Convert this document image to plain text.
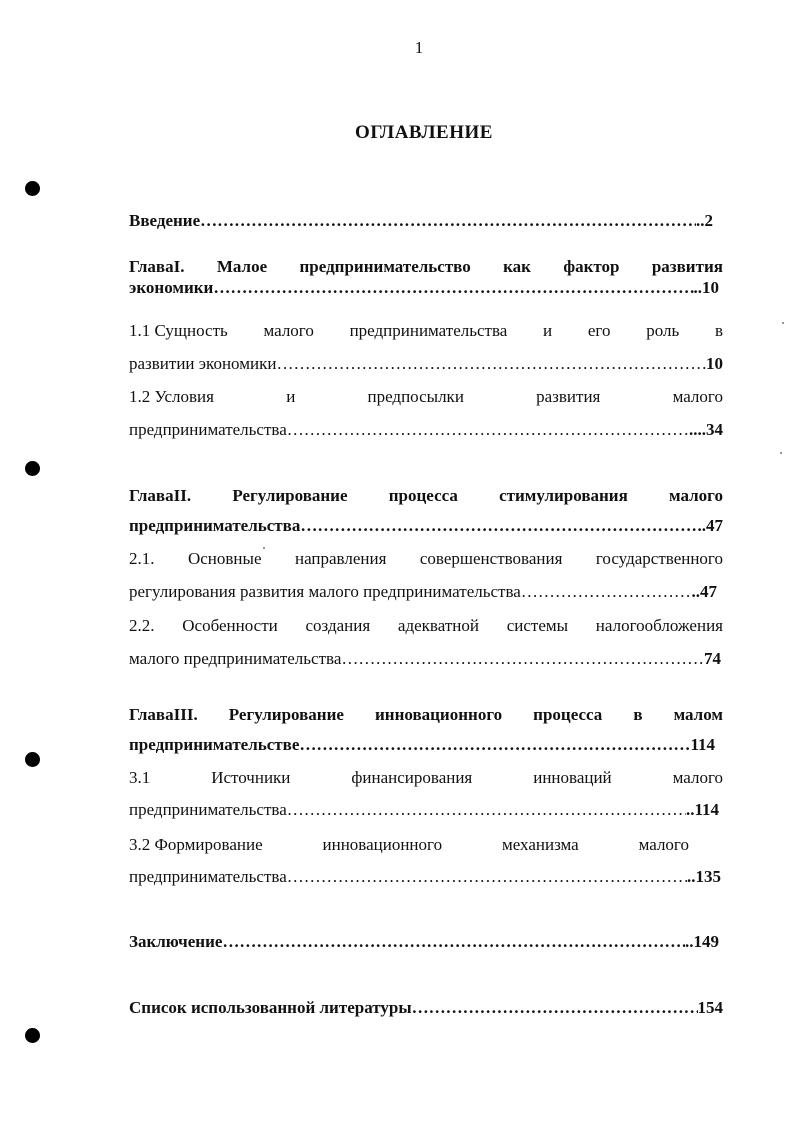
1
ОГЛАВЛЕНИЕ
Введение …………………………………………………………………………………………………………………………………………………………………	..2
ГлаваI. Малое предпринимательство как фактор развития
экономики …………………………………………………………………………………………………………………………………………………………………	..10
1.1 Сущность малого предпринимательства и его роль в
развитии экономики …………………………………………………………………………………………………………………………………………………………………	10
1.2 Условия	и	предпосылки	развития	малого
предпринимательства …………………………………………………………………………………………………………………………………………………………………	....34
ГлаваII. Регулирование процесса стимулирования малого
предпринимательства …………………………………………………………………………………………………………………………………………………………………	..47
2.1. Основные направления совершенствования государственного
регулирования развития малого предпринимательства …………………………………………………………………………………………………………………………………………………………………	..47
2.2. Особенности создания адекватной системы налогообложения
малого предпринимательства …………………………………………………………………………………………………………………………………………………………………	74
ГлаваIII. Регулирование инновационного процесса в малом
предпринимательстве …………………………………………………………………………………………………………………………………………………………………	114
3.1	Источники	финансирования	инноваций	малого
предпринимательства …………………………………………………………………………………………………………………………………………………………………	..114
3.2 Формирование	инновационного	механизма	малого
предпринимательства …………………………………………………………………………………………………………………………………………………………………	..135
Заключение …………………………………………………………………………………………………………………………………………………………………	..149
Список использованной литературы …………………………………………………………………………………………………………………………………………………………………	154
